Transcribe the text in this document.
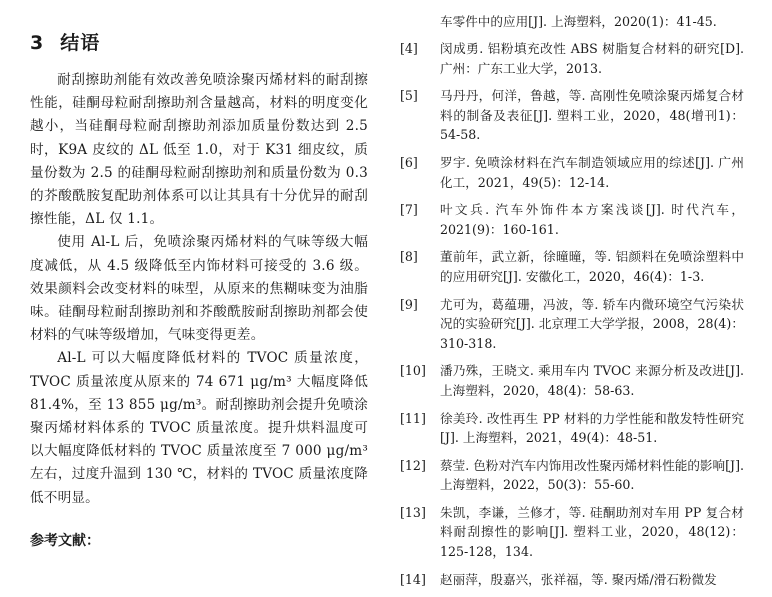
3 结语

耐刮擦助剂能有效改善免喷涂聚丙烯材料的耐刮擦性能，硅酮母粒耐刮擦助剂含量越高，材料的明度变化越小，当硅酮母粒耐刮擦助剂添加质量份数达到 2.5 时，K9A 皮纹的 ΔL 低至 1.0，对于 K31 细皮纹，质量份数为 2.5 的硅酮母粒耐刮擦助剂和质量份数为 0.3 的芥酸酰胺复配助剂体系可以让其具有十分优异的耐刮擦性能，ΔL 仅 1.1。

使用 Al-L 后，免喷涂聚丙烯材料的气味等级大幅度减低，从 4.5 级降低至内饰材料可接受的 3.6 级。效果颜料会改变材料的味型，从原来的焦糊味变为油脂味。硅酮母粒耐刮擦助剂和芥酸酰胺耐刮擦助剂都会使材料的气味等级增加，气味变得更差。

Al-L 可以大幅度降低材料的 TVOC 质量浓度，TVOC 质量浓度从原来的 74 671 μg/m³ 大幅度降低 81.4%，至 13 855 μg/m³。耐刮擦助剂会提升免喷涂聚丙烯材料体系的 TVOC 质量浓度。提升烘料温度可以大幅度降低材料的 TVOC 质量浓度至 7 000 μg/m³ 左右，过度升温到 130 ℃，材料的 TVOC 质量浓度降低不明显。

参考文献：
车零件中的应用[J]. 上海塑料，2020(1)：41-45.
[4]	闵成勇. 铝粉填充改性 ABS 树脂复合材料的研究[D]. 广州：广东工业大学，2013.
[5]	马丹丹，何洋，鲁越，等. 高刚性免喷涂聚丙烯复合材料的制备及表征[J]. 塑料工业，2020，48(增刊1)：54-58.
[6]	罗宇. 免喷涂材料在汽车制造领域应用的综述[J]. 广州化工，2021，49(5)：12-14.
[7]	叶文兵. 汽车外饰件本方案浅谈[J]. 时代汽车，2021(9)：160-161.
[8]	董前年，武立新，徐曈曈，等. 铝颜料在免喷涂塑料中的应用研究[J]. 安徽化工，2020，46(4)：1-3.
[9]	尤可为，葛蕴珊，冯波，等. 轿车内微环境空气污染状况的实验研究[J]. 北京理工大学学报，2008，28(4)：310-318.
[10]	潘乃殊，王晓文. 乘用车内 TVOC 来源分析及改进[J]. 上海塑料，2020，48(4)：58-63.
[11]	徐美玲. 改性再生 PP 材料的力学性能和散发特性研究[J]. 上海塑料，2021，49(4)：48-51.
[12]	蔡莹. 色粉对汽车内饰用改性聚丙烯材料性能的影响[J]. 上海塑料，2022，50(3)：55-60.
[13]	朱凯，李谦，兰修才，等. 硅酮助剂对车用 PP 复合材料耐刮擦性的影响[J]. 塑料工业，2020，48(12)：125-128，134.
[14]	赵丽萍，殷嘉兴，张祥福，等. 聚丙烯/滑石粉微发
